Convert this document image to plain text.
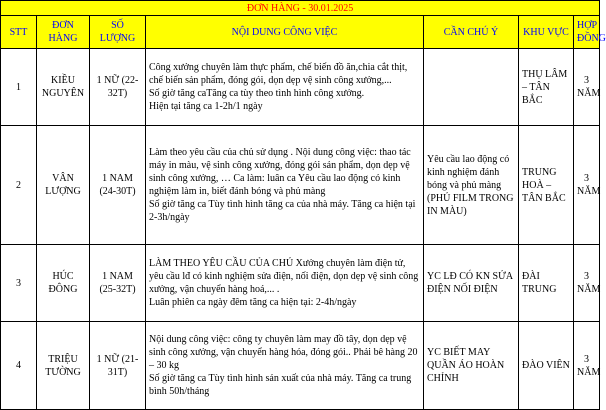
ĐƠN HÀNG - 30.01.2025						
STT	ĐƠN HÀNG	SỐ LƯỢNG	NỘI DUNG CÔNG VIỆC	CẦN CHÚ Ý	KHU VỰC	HỢP ĐỒNG
1	KIỀU NGUYÊN	1 NỮ (22-32T)	Công xưởng chuyên làm thực phẩm, chế biến đồ ăn,chia cắt thịt, chế biến sản phẩm, đóng gói, dọn dẹp vệ sinh công xưởng,...
Số giờ tăng caTăng ca tùy theo tình hình công xưởng.
Hiện tại tăng ca 1-2h/1 ngày		THỤ LÂM – TÂN BẮC	3 NĂM
2	VÂN LƯỢNG	1 NAM (24-30T)	Làm theo yêu cầu của chủ sử dụng . Nội dung công việc: thao tác máy in màu, vệ sinh công xưởng, đóng gói sản phẩm, dọn dẹp vệ sinh công xưởng, … Ca làm: luân ca Yêu cầu lao động có kinh nghiệm làm in, biết đánh bóng và phủ màng
Số giờ tăng ca Tùy tình hình tăng ca của nhà máy. Tăng ca hiện tại 2-3h/ngày	Yêu cầu lao động có kinh nghiệm đánh bóng và phủ màng (PHỦ FILM TRONG IN MÀU)	TRUNG HOÀ – TÂN BẮC	3 NĂM
3	HÚC ĐÔNG	1 NAM (25-32T)	LÀM THEO YÊU CẦU CỦA CHỦ Xưởng chuyên làm điện tử, yêu cầu lđ có kinh nghiệm sửa điện, nối điện, dọn dẹp vệ sinh công xưởng, vận chuyển hàng hoá,... .
Luân phiên ca ngày đêm tăng ca hiện tại: 2-4h/ngày	YC LĐ CÓ KN SỬA ĐIỆN NỐI ĐIỆN	ĐÀI TRUNG	3 NĂM
4	TRIỆU TƯỜNG	1 NỮ (21-31T)	Nội dung công việc: công ty chuyên làm may đồ tây, dọn dẹp vệ sinh công xưởng, vận chuyển hàng hóa, đóng gói.. Phải bê hàng 20 – 30 kg
Số giờ tăng ca Tùy tình hình sản xuất của nhà máy. Tăng ca trung bình 50h/tháng	YC BIẾT MAY QUẦN ÁO HOÀN CHỈNH	ĐÀO VIÊN	3 NĂM
